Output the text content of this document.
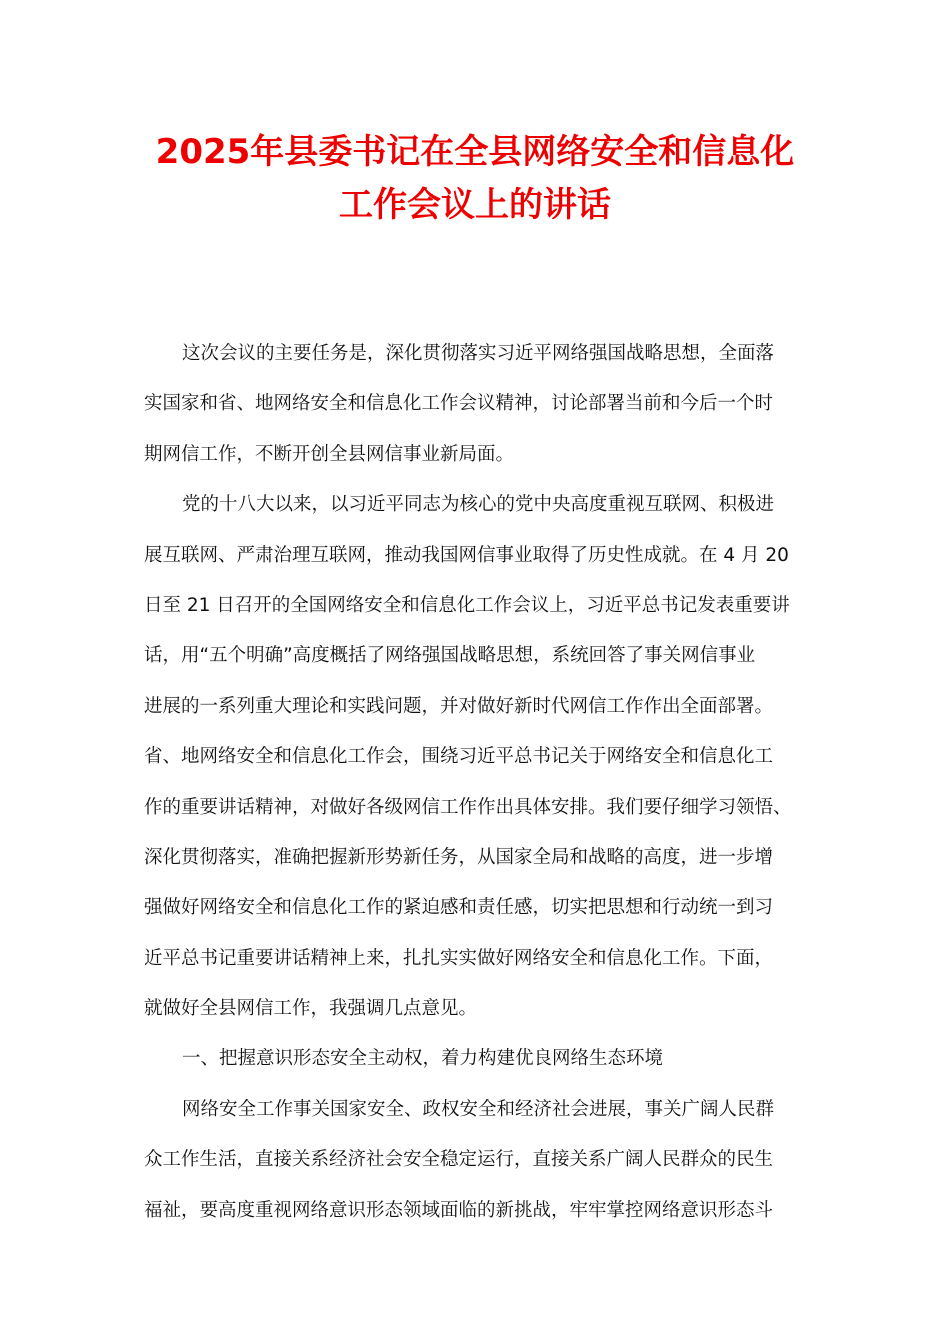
2025年县委书记在全县网络安全和信息化
工作会议上的讲话
这次会议的主要任务是，深化贯彻落实习近平网络强国战略思想，全面落
实国家和省、地网络安全和信息化工作会议精神，讨论部署当前和今后一个时
期网信工作，不断开创全县网信事业新局面。
党的十八大以来，以习近平同志为核心的党中央高度重视互联网、积极进
展互联网、严肃治理互联网，推动我国网信事业取得了历史性成就。在 4 月 20
日至 21 日召开的全国网络安全和信息化工作会议上，习近平总书记发表重要讲
话，用“五个明确”高度概括了网络强国战略思想，系统回答了事关网信事业
进展的一系列重大理论和实践问题，并对做好新时代网信工作作出全面部署。
省、地网络安全和信息化工作会，围绕习近平总书记关于网络安全和信息化工
作的重要讲话精神，对做好各级网信工作作出具体安排。我们要仔细学习领悟、
深化贯彻落实，准确把握新形势新任务，从国家全局和战略的高度，进一步增
强做好网络安全和信息化工作的紧迫感和责任感，切实把思想和行动统一到习
近平总书记重要讲话精神上来，扎扎实实做好网络安全和信息化工作。下面，
就做好全县网信工作，我强调几点意见。
一、把握意识形态安全主动权，着力构建优良网络生态环境
网络安全工作事关国家安全、政权安全和经济社会进展，事关广阔人民群
众工作生活，直接关系经济社会安全稳定运行，直接关系广阔人民群众的民生
福祉，要高度重视网络意识形态领域面临的新挑战，牢牢掌控网络意识形态斗
